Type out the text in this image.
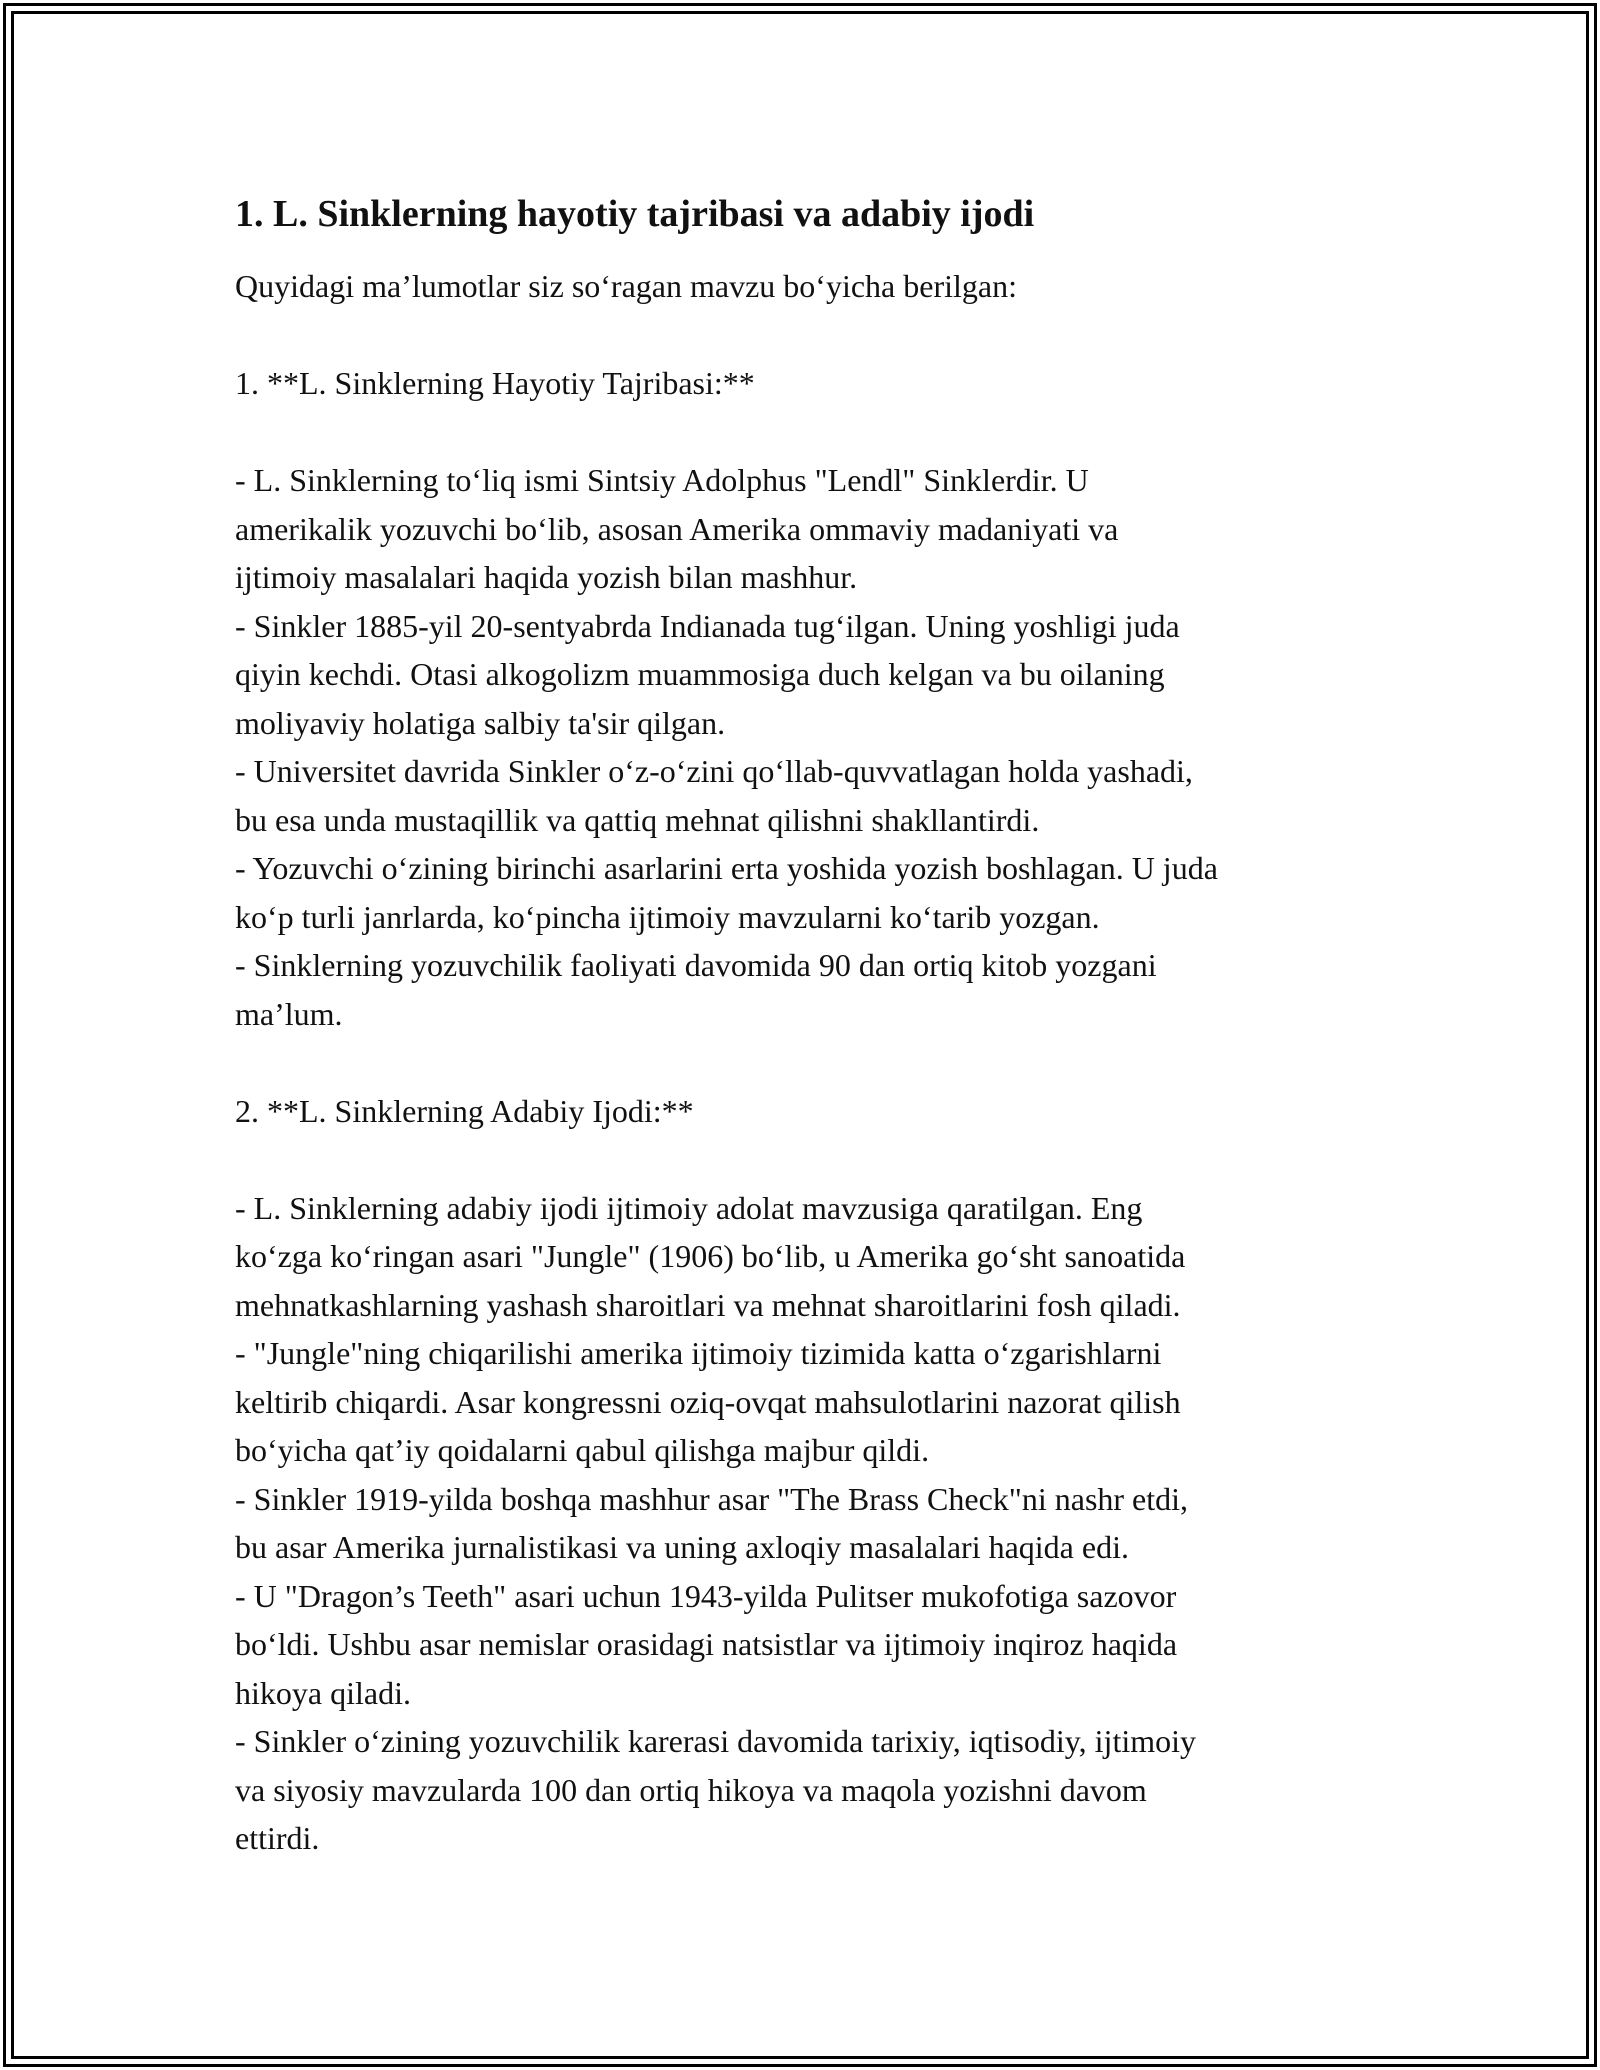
1. L. Sinklerning hayotiy tajribasi va adabiy ijodi
Quyidagi ma’lumotlar siz so‘ragan mavzu bo‘yicha berilgan:
1. **L. Sinklerning Hayotiy Tajribasi:**
- L. Sinklerning to‘liq ismi Sintsiy Adolphus "Lendl" Sinklerdir. U
amerikalik yozuvchi bo‘lib, asosan Amerika ommaviy madaniyati va
ijtimoiy masalalari haqida yozish bilan mashhur.
- Sinkler 1885-yil 20-sentyabrda Indianada tug‘ilgan. Uning yoshligi juda
qiyin kechdi. Otasi alkogolizm muammosiga duch kelgan va bu oilaning
moliyaviy holatiga salbiy ta'sir qilgan.
- Universitet davrida Sinkler o‘z-o‘zini qo‘llab-quvvatlagan holda yashadi,
bu esa unda mustaqillik va qattiq mehnat qilishni shakllantirdi.
- Yozuvchi o‘zining birinchi asarlarini erta yoshida yozish boshlagan. U juda
ko‘p turli janrlarda, ko‘pincha ijtimoiy mavzularni ko‘tarib yozgan.
- Sinklerning yozuvchilik faoliyati davomida 90 dan ortiq kitob yozgani
ma’lum.
2. **L. Sinklerning Adabiy Ijodi:**
- L. Sinklerning adabiy ijodi ijtimoiy adolat mavzusiga qaratilgan. Eng
ko‘zga ko‘ringan asari "Jungle" (1906) bo‘lib, u Amerika go‘sht sanoatida
mehnatkashlarning yashash sharoitlari va mehnat sharoitlarini fosh qiladi.
- "Jungle"ning chiqarilishi amerika ijtimoiy tizimida katta o‘zgarishlarni
keltirib chiqardi. Asar kongressni oziq-ovqat mahsulotlarini nazorat qilish
bo‘yicha qat’iy qoidalarni qabul qilishga majbur qildi.
- Sinkler 1919-yilda boshqa mashhur asar "The Brass Check"ni nashr etdi,
bu asar Amerika jurnalistikasi va uning axloqiy masalalari haqida edi.
- U "Dragon’s Teeth" asari uchun 1943-yilda Pulitser mukofotiga sazovor
bo‘ldi. Ushbu asar nemislar orasidagi natsistlar va ijtimoiy inqiroz haqida
hikoya qiladi.
- Sinkler o‘zining yozuvchilik karerasi davomida tarixiy, iqtisodiy, ijtimoiy
va siyosiy mavzularda 100 dan ortiq hikoya va maqola yozishni davom
ettirdi.
